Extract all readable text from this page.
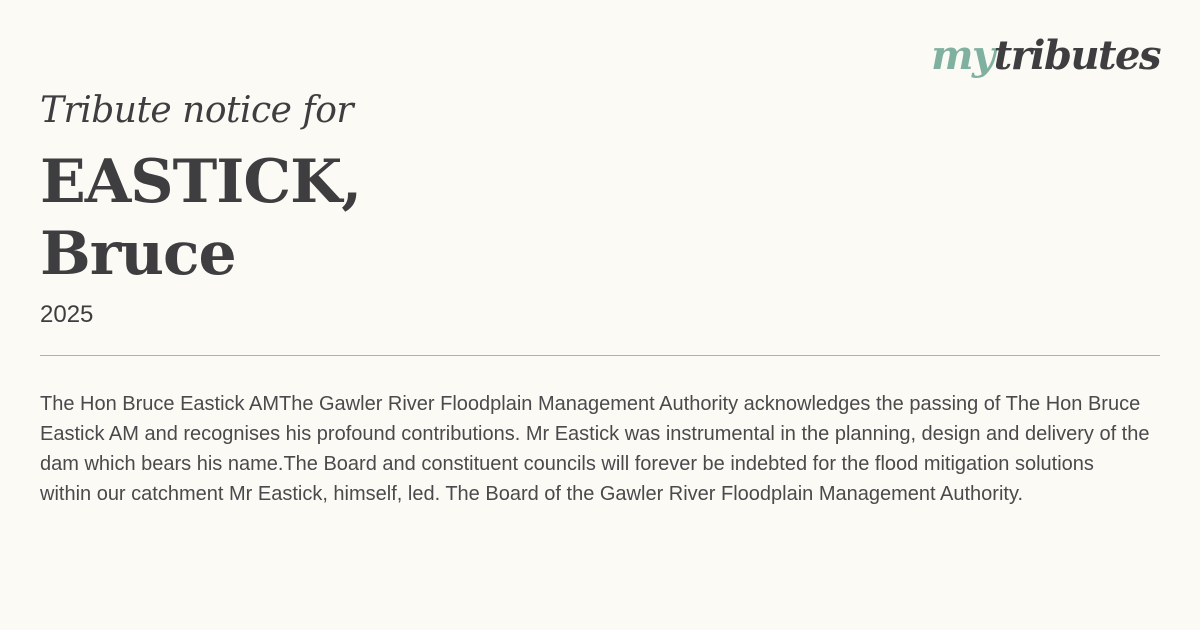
mytributes
Tribute notice for
EASTICK,
Bruce
2025

The Hon Bruce Eastick AMThe Gawler River Floodplain Management Authority acknowledges the passing of The Hon Bruce Eastick AM and recognises his profound contributions. Mr Eastick was instrumental in the planning, design and delivery of the dam which bears his name.The Board and constituent councils will forever be indebted for the flood mitigation solutions within our catchment Mr Eastick, himself, led. The Board of the Gawler River Floodplain Management Authority.
